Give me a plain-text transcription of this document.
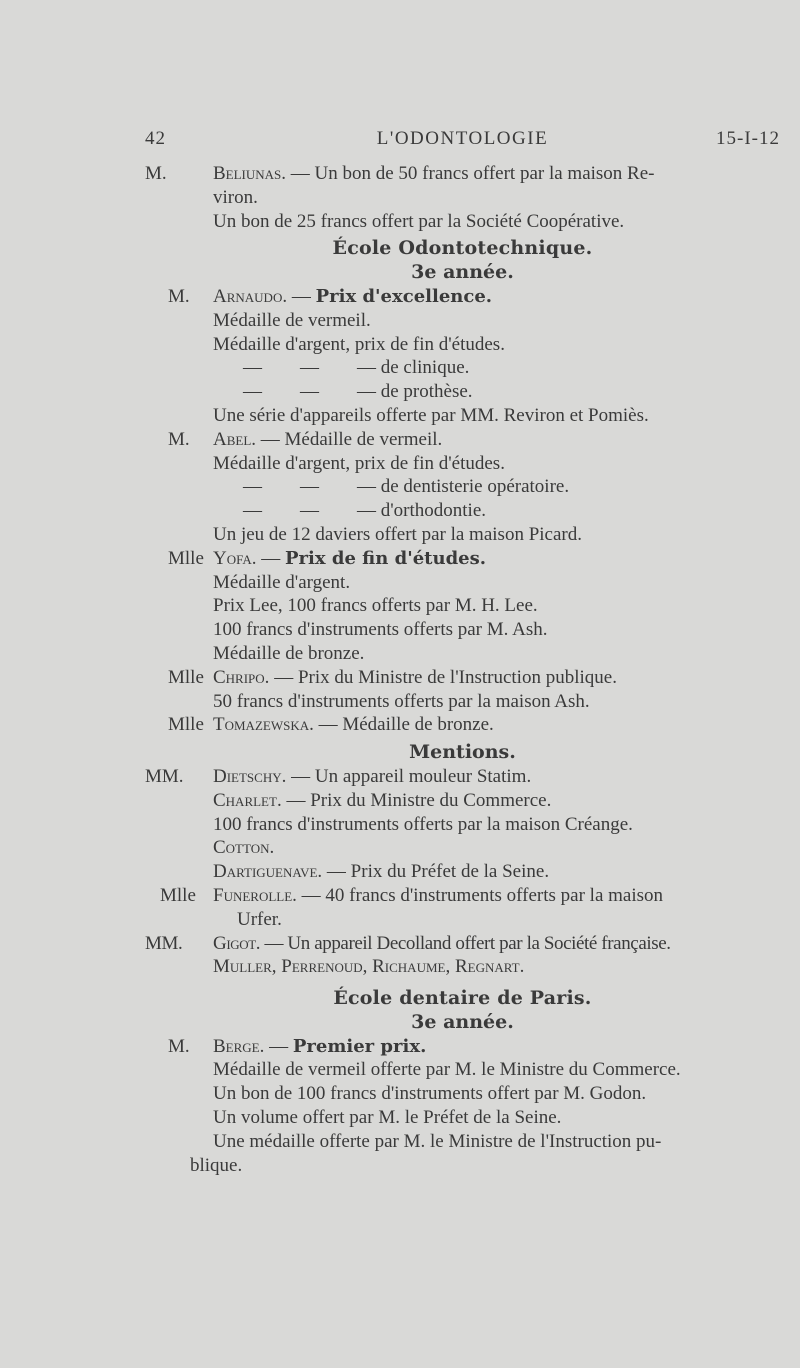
42	L'ODONTOLOGIE	15-I-12
M. Beliunas. — Un bon de 50 francs offert par la maison Re-
viron.
Un bon de 25 francs offert par la Société Coopérative.
École Odontotechnique.
3e année.
M. Arnaudo. — Prix d'excellence.
Médaille de vermeil.
Médaille d'argent, prix de fin d'études.
—        —        — de clinique.
—        —        — de prothèse.
Une série d'appareils offerte par MM. Reviron et Pomiès.
M. Abel. — Médaille de vermeil.
Médaille d'argent, prix de fin d'études.
—        —        — de dentisterie opératoire.
—        —        — d'orthodontie.
Un jeu de 12 daviers offert par la maison Picard.
Mlle Yofa. — Prix de fin d'études.
Médaille d'argent.
Prix Lee, 100 francs offerts par M. H. Lee.
100 francs d'instruments offerts par M. Ash.
Médaille de bronze.
Mlle Chripo. — Prix du Ministre de l'Instruction publique.
50 francs d'instruments offerts par la maison Ash.
Mlle Tomazewska. — Médaille de bronze.
Mentions.
MM. Dietschy. — Un appareil mouleur Statim.
Charlet. — Prix du Ministre du Commerce.
100 francs d'instruments offerts par la maison Créange.
Cotton.
Dartiguenave. — Prix du Préfet de la Seine.
Mlle Funerolle. — 40 francs d'instruments offerts par la maison
Urfer.
MM. Gigot. — Un appareil Decolland offert par la Société française.
Muller, Perrenoud, Richaume, Regnart.
École dentaire de Paris.
3e année.
M. Berge. — Premier prix.
Médaille de vermeil offerte par M. le Ministre du Commerce.
Un bon de 100 francs d'instruments offert par M. Godon.
Un volume offert par M. le Préfet de la Seine.
Une médaille offerte par M. le Ministre de l'Instruction pu-
blique.
